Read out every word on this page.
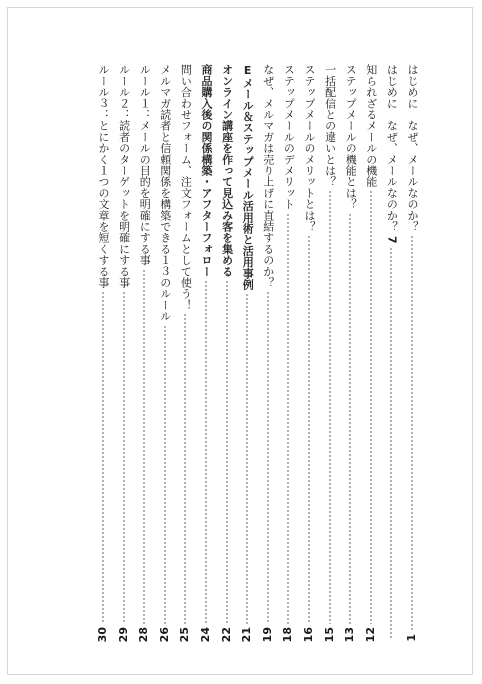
はじめに　なぜ、メールなのか？
1
はじめに　なぜ、メールなのか？
7
知られざるメールの機能
12
ステップメールの機能とは？
13
一括配信との違いとは？
15
ステップメールのメリットとは？
16
ステップメールのデメリット
18
なぜ、メルマガは売り上げに直結するのか？
19
Eメール＆ステップメール活用術と活用事例
21
オンライン講座を作って見込み客を集める
22
商品購入後の関係構築・アフターフォロー
24
問い合わせフォーム、注文フォームとして使う！
25
メルマガ読者と信頼関係を構築できる１３のルール
26
ルール１：メールの目的を明確にする事
28
ルール２：読者のターゲットを明確にする事
29
ルール３：とにかく１つの文章を短くする事
30
